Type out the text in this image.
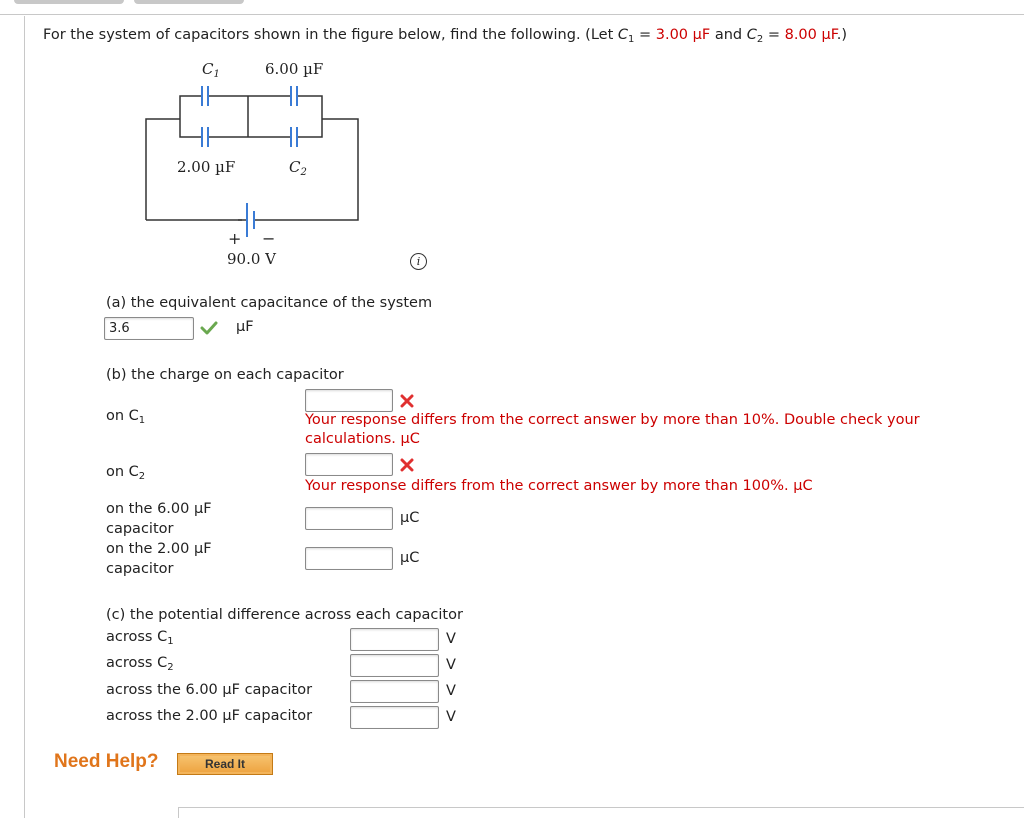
For the system of capacitors shown in the figure below, find the following. (Let $C_1 = 3.00$ µF and $C_2 = 8.00$ µF.)
$C_1$	6.00 µF
2.00 µF	$C_2$
+ −
90.0 V	i
(a) the equivalent capacitance of the system
3.6
µF
(b) the charge on each capacitor
on $C_1$	Your response differs from the correct answer by more than 10%. Double check your
calculations. µC
on $C_2$
Your response differs from the correct answer by more than 100%. µC
on the 6.00 µF
capacitor
µC
on the 2.00 µF
capacitor
µC
(c) the potential difference across each capacitor
across $C_1$	V
across $C_2$	V
across the 6.00 µF capacitor	V
across the 2.00 µF capacitor	V
Need Help?	Read It
